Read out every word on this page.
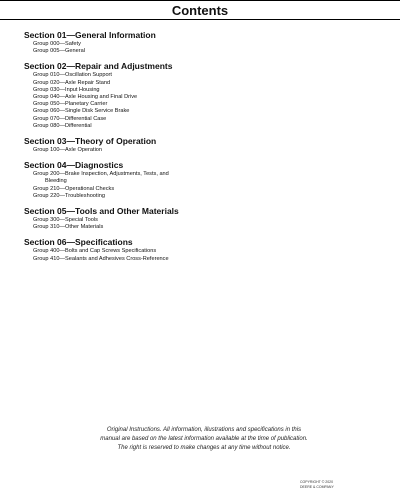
Contents
Section 01—General Information
Group 000—Safety
Group 005—General
Section 02—Repair and Adjustments
Group 010—Oscillation Support
Group 020—Axle Repair Stand
Group 030—Input Housing
Group 040—Axle Housing and Final Drive
Group 050—Planetary Carrier
Group 060—Single Disk Service Brake
Group 070—Differential Case
Group 080—Differential
Section 03—Theory of Operation
Group 100—Axle Operation
Section 04—Diagnostics
Group 200—Brake Inspection, Adjustments, Tests, and
Bleeding
Group 210—Operational Checks
Group 220—Troubleshooting
Section 05—Tools and Other Materials
Group 300—Special Tools
Group 310—Other Materials
Section 06—Specifications
Group 400—Bolts and Cap Screws Specifications
Group 410—Sealants and Adhesives Cross-Reference
Original Instructions. All information, illustrations and specifications in this
manual are based on the latest information available at the time of publication.
The right is reserved to make changes at any time without notice.
COPYRIGHT © 2020
DEERE & COMPANY
